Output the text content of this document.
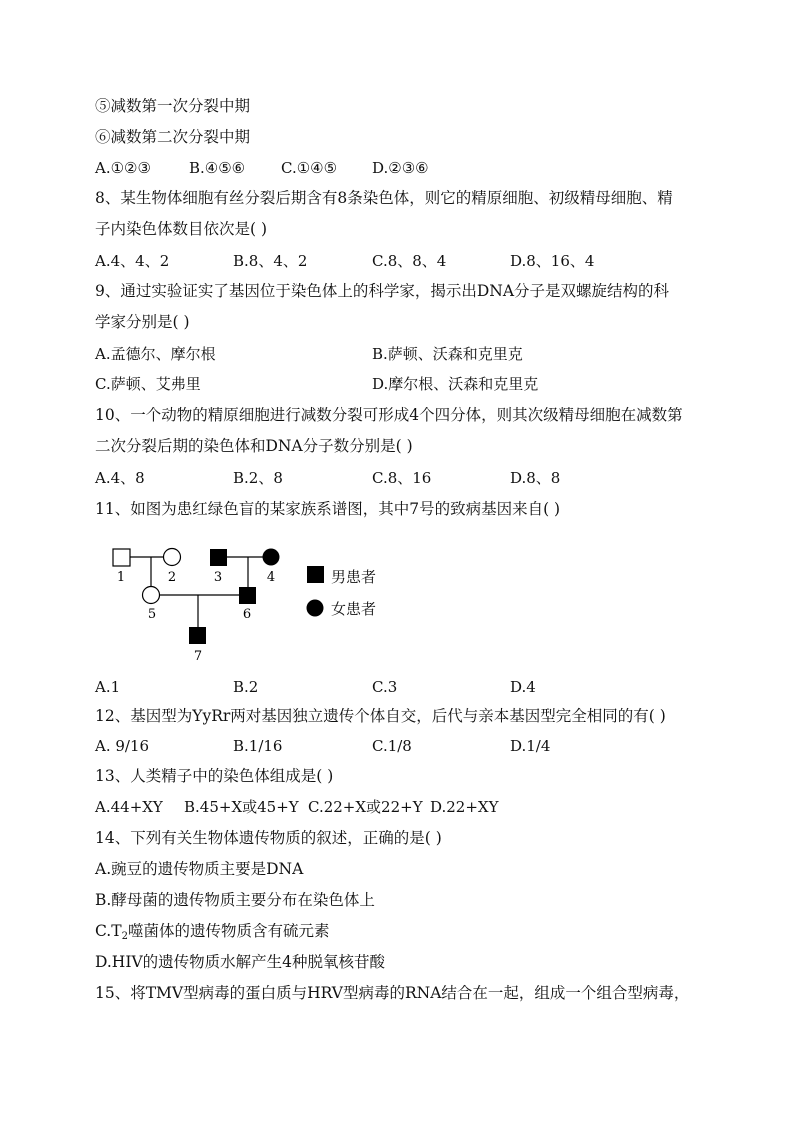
⑤减数第一次分裂中期
⑥减数第二次分裂中期
A.①②③	B.④⑤⑥ C.①④⑤ D.②③⑥
8、某生物体细胞有丝分裂后期含有8条染色体，则它的精原细胞、初级精母细胞、精
子内染色体数目依次是( )
A.4、4、2	B.8、4、2	C.8、8、4	D.8、16、4
9、通过实验证实了基因位于染色体上的科学家，揭示出DNA分子是双螺旋结构的科
学家分别是( )
A.孟德尔、摩尔根	B.萨顿、沃森和克里克
C.萨顿、艾弗里	D.摩尔根、沃森和克里克
10、一个动物的精原细胞进行减数分裂可形成4个四分体，则其次级精母细胞在减数第
二次分裂后期的染色体和DNA分子数分别是( )
A.4、8	B.2、8	C.8、16	D.8、8
11、如图为患红绿色盲的某家族系谱图，其中7号的致病基因来自( )
1	2	3	4
5	6
7
男患者
女患者
A.1	B.2	C.3	D.4
12、基因型为YyRr两对基因独立遗传个体自交，后代与亲本基因型完全相同的有( )
A. 9/16	B.1/16	C.1/8	D.1/4
13、人类精子中的染色体组成是( )
A.44+XY B.45+X或45+Y C.22+X或22+Y D.22+XY
14、下列有关生物体遗传物质的叙述，正确的是( )
A.豌豆的遗传物质主要是DNA
B.酵母菌的遗传物质主要分布在染色体上
$C.T_2$噬菌体的遗传物质含有硫元素
D.HIV的遗传物质水解产生4种脱氧核苷酸
15、将TMV型病毒的蛋白质与HRV型病毒的RNA结合在一起，组成一个组合型病毒，
